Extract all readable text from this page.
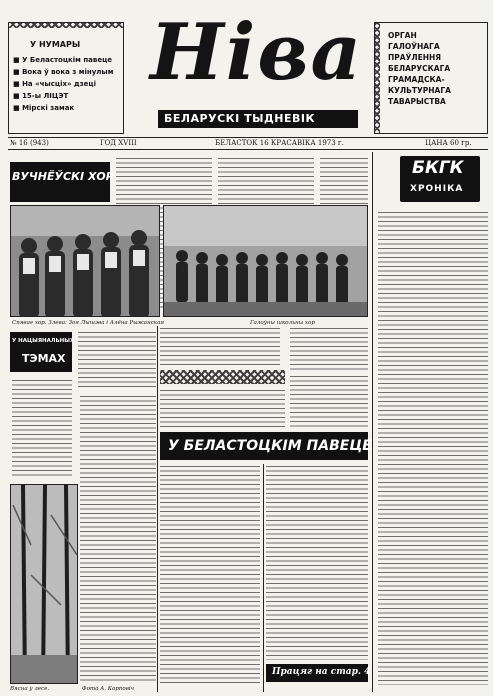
У НУМАРЫ
■ У Беластоцкім павеце
■ Вока ў вока з мінулым
■ На «чысціх» дзеці
■ 15-ы ЛІЦЭТ
■ Мірскі замак
Ніва
БЕЛАРУСКІ ТЫДНЕВІК
ОРГАН
ГАЛОЎНАГА
ПРАЎЛЕННЯ
БЕЛАРУСКАГА
ГРАМАДСКА-
КУЛЬТУРНАГА
ТАВАРЫСТВА
№ 16 (943)	ГОД XVIII	БЕЛАСТОК 16 КРАСАВІКА 1973 г.	ЦАНА 60 гр.
ВУЧНЁЎСКІ ХОР
Спявае хор. Злева: Зоя Лышэва і Алёна Рыжанская	Галоўны школьны хор
БКГК
ХРОНІКА
У НАЦЫЯНАЛЬНЫХ
ТЭМАХ
Вясна ў лесе.	Фота А. Карповіч
У БЕЛАСТОЦКІМ ПАВЕЦЕ
Працяг на стар. 4
